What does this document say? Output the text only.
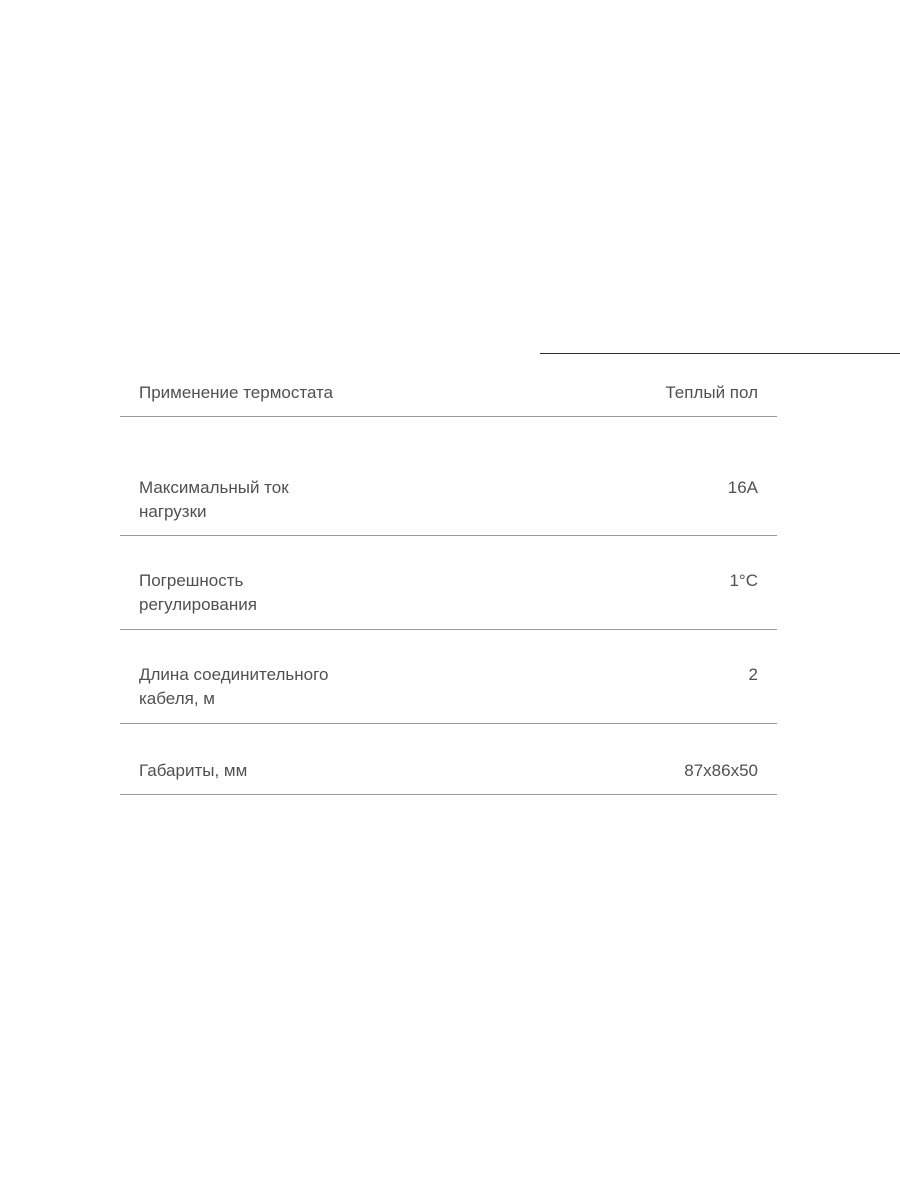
Применение термостата	Теплый пол
Максимальный ток
нагрузки
16А
Погрешность
регулирования
1°С
Длина соединительного
кабеля, м
2
Габариты, мм	87х86х50
